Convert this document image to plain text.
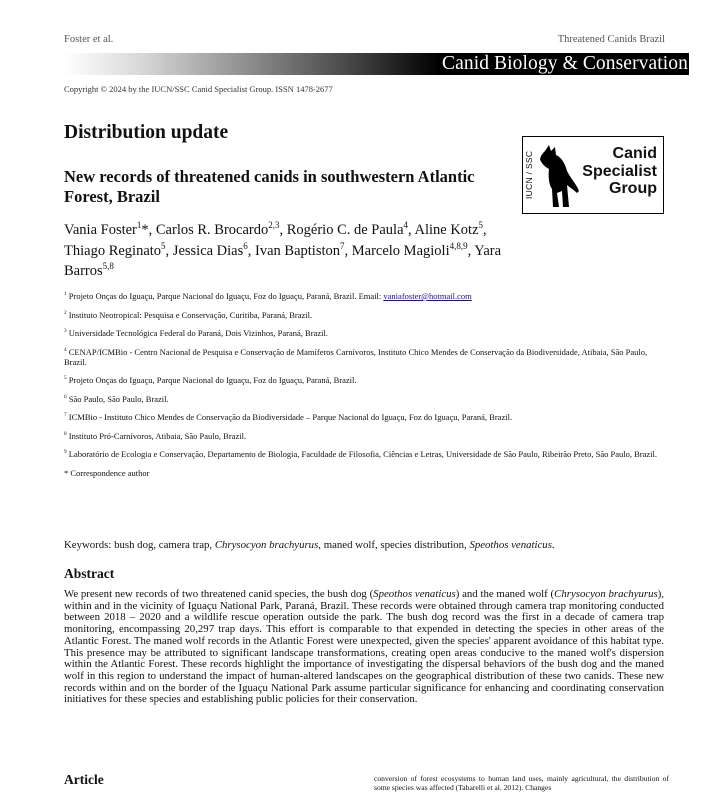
Foster et al.	Threatened Canids Brazil
Canid Biology & Conservation
Copyright © 2024 by the IUCN/SSC Canid Specialist Group. ISSN 1478-2677
IUCN / SSC	Canid
Specialist
Group
Distribution update
New records of threatened canids in southwestern Atlantic Forest, Brazil
Vania Foster$^1$*, Carlos R. Brocardo$^{2,3}$, Rogério C. de Paula$^4$, Aline Kotz$^5$, Thiago Reginato$^5$, Jessica Dias$^6$, Ivan Baptiston$^7$, Marcelo Magioli$^{4,8,9}$, Yara Barros$^{5,8}$
$^1$ Projeto Onças do Iguaçu, Parque Nacional do Iguaçu, Foz do Iguaçu, Paraná, Brazil. Email: vaniafoster@hotmail.com
$^2$ Instituto Neotropical: Pesquisa e Conservação, Curitiba, Paraná, Brazil.
$^3$ Universidade Tecnológica Federal do Paraná, Dois Vizinhos, Paraná, Brazil.
$^4$ CENAP/ICMBio - Centro Nacional de Pesquisa e Conservação de Mamíferos Carnívoros, Instituto Chico Mendes de Conservação da Biodiversidade, Atibaia, São Paulo, Brazil.
$^5$ Projeto Onças do Iguaçu, Parque Nacional do Iguaçu, Foz do Iguaçu, Paraná, Brazil.
$^6$ São Paulo, São Paulo, Brazil.
$^7$ ICMBio - Instituto Chico Mendes de Conservação da Biodiversidade – Parque Nacional do Iguaçu, Foz do Iguaçu, Paraná, Brazil.
$^8$ Instituto Pró-Carnívoros, Atibaia, São Paulo, Brazil.
$^9$ Laboratório de Ecologia e Conservação, Departamento de Biologia, Faculdade de Filosofia, Ciências e Letras, Universidade de São Paulo, Ribeirão Preto, São Paulo, Brazil.
* Correspondence author
Keywords: bush dog, camera trap, Chrysocyon brachyurus, maned wolf, species distribution, Speothos venaticus.
Abstract
We present new records of two threatened canid species, the bush dog (Speothos venaticus) and the maned wolf (Chrysocyon brachyurus), within and in the vicinity of Iguaçu National Park, Paraná, Brazil. These records were obtained through camera trap monitoring conducted between 2018 – 2020 and a wildlife rescue operation outside the park. The bush dog record was the first in a decade of camera trap monitoring, encompassing 20,297 trap days. This effort is comparable to that expended in detecting the species in other areas of the Atlantic Forest. The maned wolf records in the Atlantic Forest were unexpected, given the species' apparent avoidance of this habitat type. This presence may be attributed to significant landscape transformations, creating open areas conducive to the maned wolf's dispersion within the Atlantic Forest. These records highlight the importance of investigating the dispersal behaviors of the bush dog and the maned wolf in this region to understand the impact of human-altered landscapes on the geographical distribution of these two canids. These new records within and on the border of the Iguaçu National Park assume particular significance for enhancing and coordinating conservation initiatives for these species and establishing public policies for their conservation.
Article	conversion of forest ecosystems to human land uses, mainly agricultural, the distribution of some species was affected (Tabarelli et al. 2012). Changes
